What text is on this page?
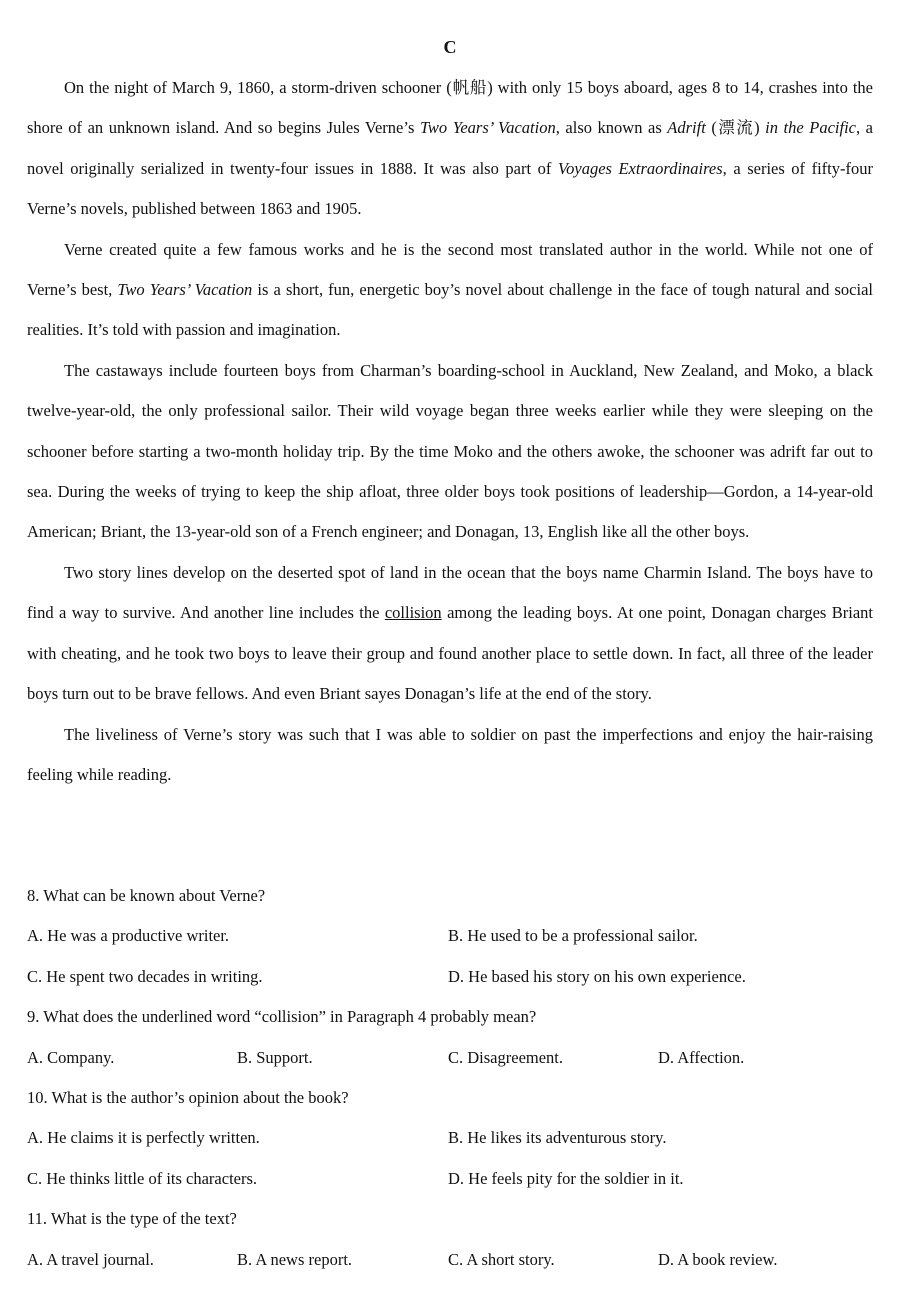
C

On the night of March 9, 1860, a storm-driven schooner (帆船) with only 15 boys aboard, ages 8 to 14, crashes into the shore of an unknown island. And so begins Jules Verne’s Two Years’ Vacation, also known as Adrift (漂流) in the Pacific, a novel originally serialized in twenty-four issues in 1888. It was also part of Voyages Extraordinaires, a series of fifty-four Verne’s novels, published between 1863 and 1905.

Verne created quite a few famous works and he is the second most translated author in the world. While not one of Verne’s best, Two Years’ Vacation is a short, fun, energetic boy’s novel about challenge in the face of tough natural and social realities. It’s told with passion and imagination.

The castaways include fourteen boys from Charman’s boarding-school in Auckland, New Zealand, and Moko, a black twelve-year-old, the only professional sailor. Their wild voyage began three weeks earlier while they were sleeping on the schooner before starting a two-month holiday trip. By the time Moko and the others awoke, the schooner was adrift far out to sea. During the weeks of trying to keep the ship afloat, three older boys took positions of leadership—Gordon, a 14-year-old American; Briant, the 13-year-old son of a French engineer; and Donagan, 13, English like all the other boys.

Two story lines develop on the deserted spot of land in the ocean that the boys name Charmin Island. The boys have to find a way to survive. And another line includes the collision among the leading boys. At one point, Donagan charges Briant with cheating, and he took two boys to leave their group and found another place to settle down. In fact, all three of the leader boys turn out to be brave fellows. And even Briant sayes Donagan’s life at the end of the story.

The liveliness of Verne’s story was such that I was able to soldier on past the imperfections and enjoy the hair-raising feeling while reading.

8. What can be known about Verne?
A. He was a productive writer.	B. He used to be a professional sailor.
C. He spent two decades in writing.	D. He based his story on his own experience.
9. What does the underlined word “collision” in Paragraph 4 probably mean?
A. Company.	B. Support.	C. Disagreement.	D. Affection.
10. What is the author’s opinion about the book?
A. He claims it is perfectly written.	B. He likes its adventurous story.
C. He thinks little of its characters.	D. He feels pity for the soldier in it.
11. What is the type of the text?
A. A travel journal.	B. A news report.	C. A short story.	D. A book review.
